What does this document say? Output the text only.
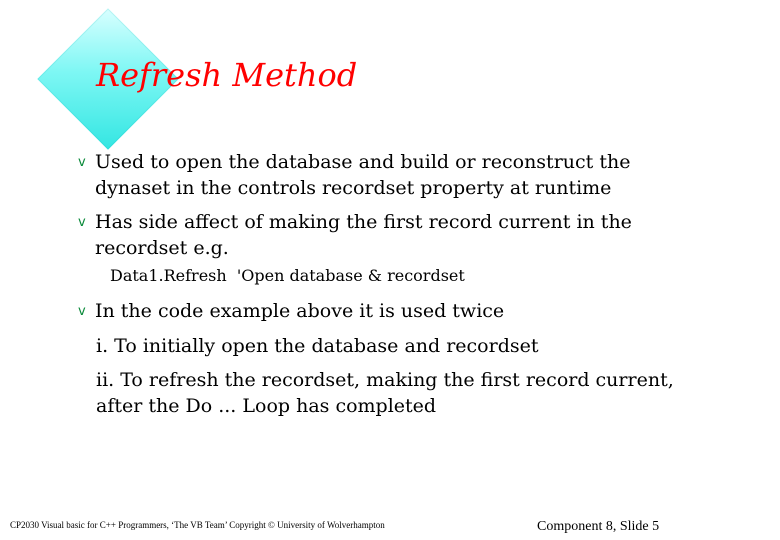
Refresh Method
v Used to open the database and build or reconstruct the dynaset in the controls recordset property at runtime
v Has side affect of making the first record current in the recordset e.g.
Data1.Refresh  'Open database & recordset
v In the code example above it is used twice
i. To initially open the database and recordset
ii. To refresh the recordset, making the first record current, after the Do ... Loop has completed
CP2030 Visual basic for C++ Programmers, ‘The VB Team’ Copyright © University of Wolverhampton	Component 8, Slide 5
